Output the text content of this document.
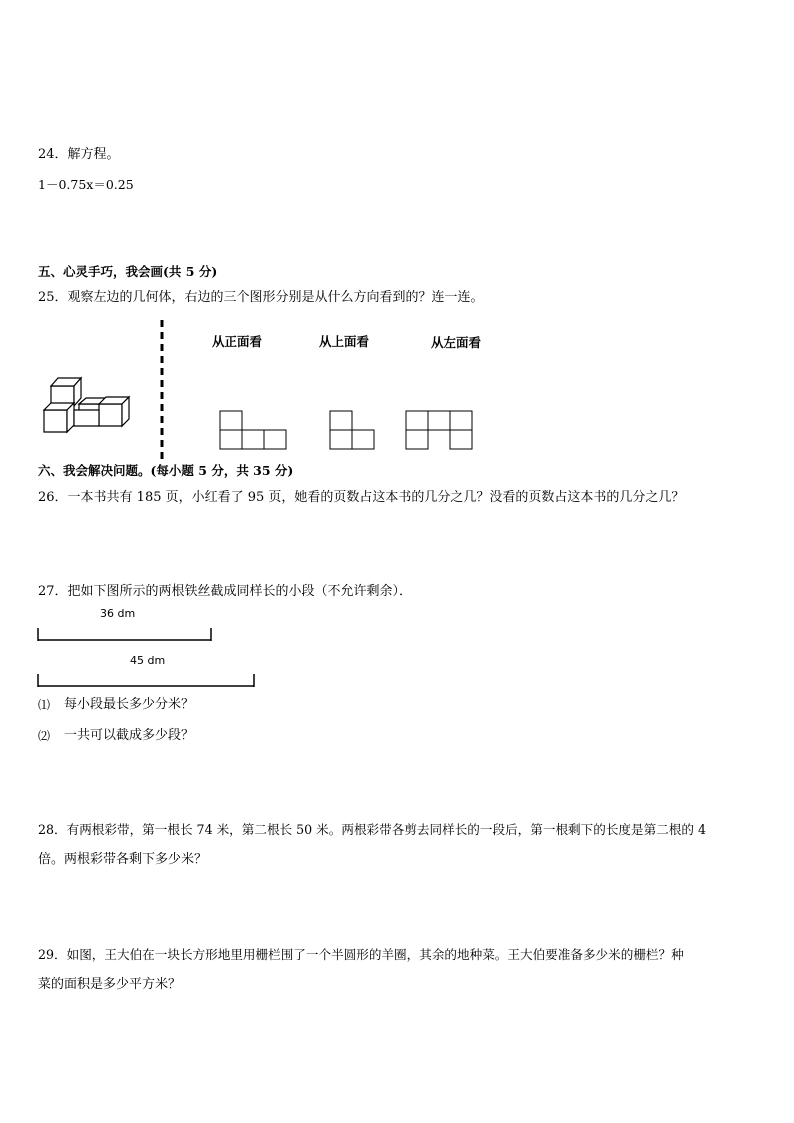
24．解方程。
1－0.75x＝0.25
五、心灵手巧，我会画(共 5 分)
25．观察左边的几何体，右边的三个图形分别是从什么方向看到的？连一连。
从正面看	从上面看	从左面看
六、我会解决问题。(每小题 5 分，共 35 分)
26．一本书共有 185 页，小红看了 95 页，她看的页数占这本书的几分之几？没看的页数占这本书的几分之几？
27．把如下图所示的两根铁丝截成同样长的小段（不允许剩余）．
36 dm
45 dm
⑴ 每小段最长多少分米？
⑵ 一共可以截成多少段？
28．有两根彩带，第一根长 74 米，第二根长 50 米。两根彩带各剪去同样长的一段后，第一根剩下的长度是第二根的 4
倍。两根彩带各剩下多少米？
29．如图，王大伯在一块长方形地里用栅栏围了一个半圆形的羊圈，其余的地种菜。王大伯要准备多少米的栅栏？种
菜的面积是多少平方米？
